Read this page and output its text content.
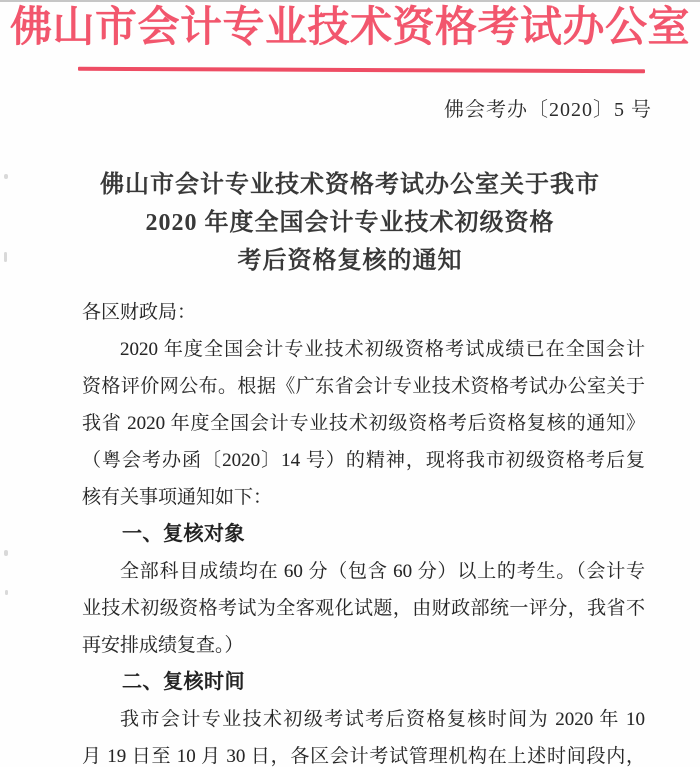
佛山市会计专业技术资格考试办公室
佛会考办〔2020〕5 号
佛山市会计专业技术资格考试办公室关于我市
2020 年度全国会计专业技术初级资格
考后资格复核的通知
各区财政局：
2020 年度全国会计专业技术初级资格考试成绩已在全国会计
资格评价网公布。根据《广东省会计专业技术资格考试办公室关于
我省 2020 年度全国会计专业技术初级资格考后资格复核的通知》
（粤会考办函〔2020〕14 号）的精神，现将我市初级资格考后复
核有关事项通知如下：
一、复核对象
全部科目成绩均在 60 分（包含 60 分）以上的考生。（会计专
业技术初级资格考试为全客观化试题，由财政部统一评分，我省不
再安排成绩复查。）
二、复核时间
我市会计专业技术初级考试考后资格复核时间为 2020 年 10
月 19 日至 10 月 30 日，各区会计考试管理机构在上述时间段内，
